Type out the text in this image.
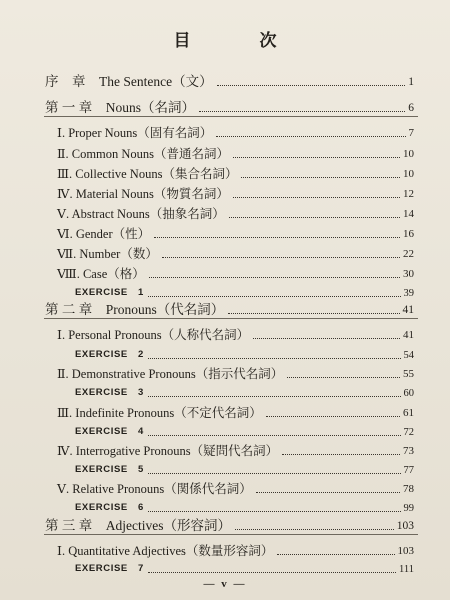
目　次
序　章　The Sentence（文）	1
第 一 章　Nouns（名詞）	6
Ⅰ. Proper Nouns（固有名詞）	7
Ⅱ. Common Nouns（普通名詞）	10
Ⅲ. Collective Nouns（集合名詞）	10
Ⅳ. Material Nouns（物質名詞）	12
Ⅴ. Abstract Nouns（抽象名詞）	14
Ⅵ. Gender（性）	16
Ⅶ. Number（数）	22
Ⅷ. Case（格）	30
EXERCISE　1	39
第 二 章　Pronouns（代名詞）	41
Ⅰ. Personal Pronouns（人称代名詞）	41
EXERCISE　2	54
Ⅱ. Demonstrative Pronouns（指示代名詞）	55
EXERCISE　3	60
Ⅲ. Indefinite Pronouns（不定代名詞）	61
EXERCISE　4	72
Ⅳ. Interrogative Pronouns（疑問代名詞）	73
EXERCISE　5	77
Ⅴ. Relative Pronouns（関係代名詞）	78
EXERCISE　6	99
第 三 章　Adjectives（形容詞）	103
Ⅰ. Quantitative Adjectives（数量形容詞）	103
EXERCISE　7	111
— v —
